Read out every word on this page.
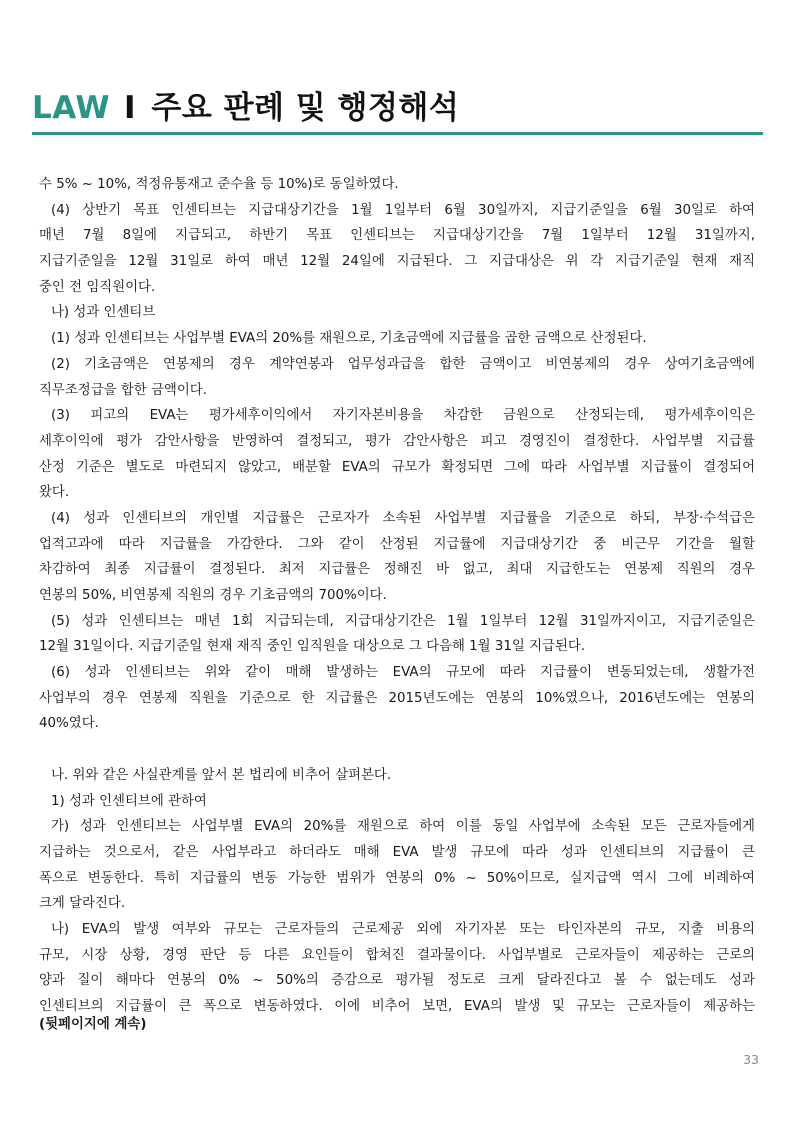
LAW I 주요 판례 및 행정해석
수 5% ~ 10%, 적정유통재고 준수율 등 10%)로 동일하였다.
(4) 상반기 목표 인센티브는 지급대상기간을 1월 1일부터 6월 30일까지, 지급기준일을 6월 30일로 하여
매년 7월 8일에 지급되고, 하반기 목표 인센티브는 지급대상기간을 7월 1일부터 12월 31일까지,
지급기준일을 12월 31일로 하여 매년 12월 24일에 지급된다. 그 지급대상은 위 각 지급기준일 현재 재직
중인 전 임직원이다.
나) 성과 인센티브
(1) 성과 인센티브는 사업부별 EVA의 20%를 재원으로, 기초금액에 지급률을 곱한 금액으로 산정된다.
(2) 기초금액은 연봉제의 경우 계약연봉과 업무성과급을 합한 금액이고 비연봉제의 경우 상여기초금액에
직무조정급을 합한 금액이다.
(3) 피고의 EVA는 평가세후이익에서 자기자본비용을 차감한 금원으로 산정되는데, 평가세후이익은
세후이익에 평가 감안사항을 반영하여 결정되고, 평가 감안사항은 피고 경영진이 결정한다. 사업부별 지급률
산정 기준은 별도로 마련되지 않았고, 배분할 EVA의 규모가 확정되면 그에 따라 사업부별 지급률이 결정되어
왔다.
(4) 성과 인센티브의 개인별 지급률은 근로자가 소속된 사업부별 지급률을 기준으로 하되, 부장·수석급은
업적고과에 따라 지급률을 가감한다. 그와 같이 산정된 지급률에 지급대상기간 중 비근무 기간을 월할
차감하여 최종 지급률이 결정된다. 최저 지급률은 정해진 바 없고, 최대 지급한도는 연봉제 직원의 경우
연봉의 50%, 비연봉제 직원의 경우 기초금액의 700%이다.
(5) 성과 인센티브는 매년 1회 지급되는데, 지급대상기간은 1월 1일부터 12월 31일까지이고, 지급기준일은
12월 31일이다. 지급기준일 현재 재직 중인 임직원을 대상으로 그 다음해 1월 31일 지급된다.
(6) 성과 인센티브는 위와 같이 매해 발생하는 EVA의 규모에 따라 지급률이 변동되었는데, 생활가전
사업부의 경우 연봉제 직원을 기준으로 한 지급률은 2015년도에는 연봉의 10%였으나, 2016년도에는 연봉의
40%였다.
나. 위와 같은 사실관계를 앞서 본 법리에 비추어 살펴본다.
1) 성과 인센티브에 관하여
가) 성과 인센티브는 사업부별 EVA의 20%를 재원으로 하여 이를 동일 사업부에 소속된 모든 근로자들에게
지급하는 것으로서, 같은 사업부라고 하더라도 매해 EVA 발생 규모에 따라 성과 인센티브의 지급률이 큰
폭으로 변동한다. 특히 지급률의 변동 가능한 범위가 연봉의 0% ~ 50%이므로, 실지급액 역시 그에 비례하여
크게 달라진다.
나) EVA의 발생 여부와 규모는 근로자들의 근로제공 외에 자기자본 또는 타인자본의 규모, 지출 비용의
규모, 시장 상황, 경영 판단 등 다른 요인들이 합쳐진 결과물이다. 사업부별로 근로자들이 제공하는 근로의
양과 질이 해마다 연봉의 0% ~ 50%의 증감으로 평가될 정도로 크게 달라진다고 볼 수 없는데도 성과
인센티브의 지급률이 큰 폭으로 변동하였다. 이에 비추어 보면, EVA의 발생 및 규모는 근로자들이 제공하는
(뒷페이지에 계속)
33
